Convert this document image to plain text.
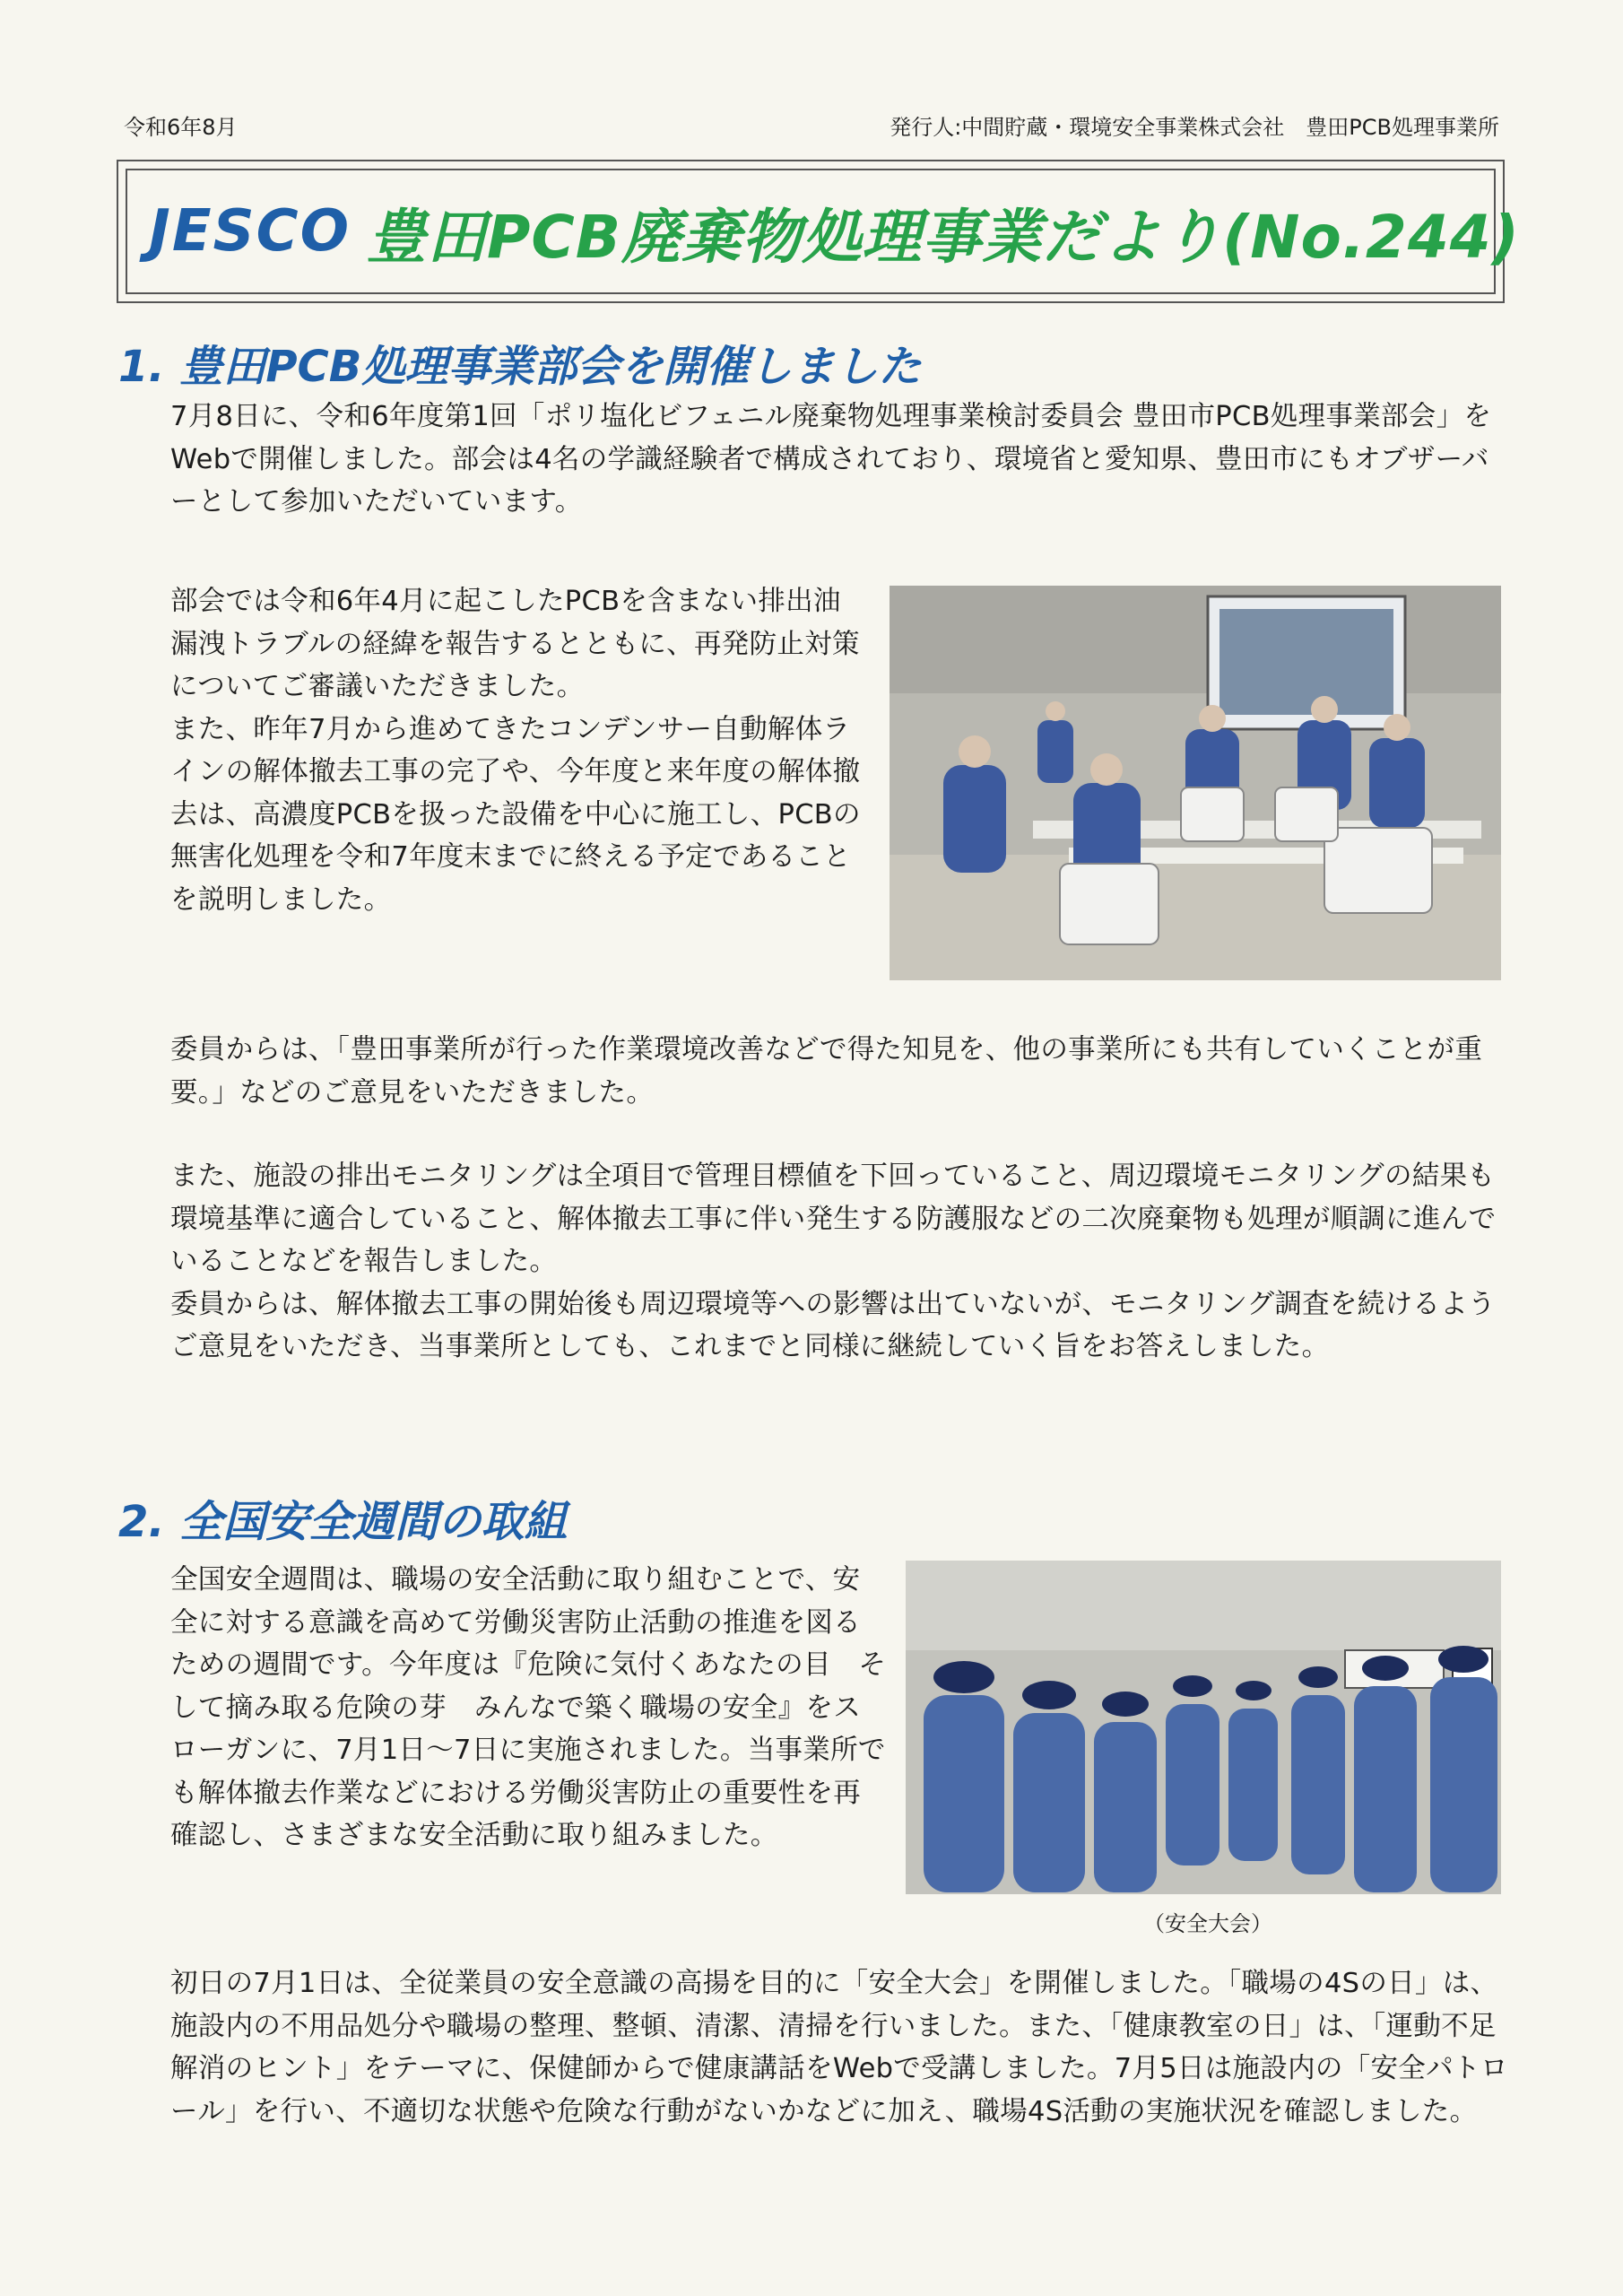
令和6年8月	発行人:中間貯蔵・環境安全事業株式会社　豊田PCB処理事業所
JESCO 豊田PCB廃棄物処理事業だより(No.244)
1. 豊田PCB処理事業部会を開催しました

7月8日に、令和6年度第1回「ポリ塩化ビフェニル廃棄物処理事業検討委員会 豊田市PCB処理事業部会」をWebで開催しました。部会は4名の学識経験者で構成されており、環境省と愛知県、豊田市にもオブザーバーとして参加いただいています。

部会では令和6年4月に起こしたPCBを含まない排出油漏洩トラブルの経緯を報告するとともに、再発防止対策についてご審議いただきました。
また、昨年7月から進めてきたコンデンサー自動解体ラインの解体撤去工事の完了や、今年度と来年度の解体撤去は、高濃度PCBを扱った設備を中心に施工し、PCBの無害化処理を令和7年度末までに終える予定であることを説明しました。

委員からは、「豊田事業所が行った作業環境改善などで得た知見を、他の事業所にも共有していくことが重要。」などのご意見をいただきました。

また、施設の排出モニタリングは全項目で管理目標値を下回っていること、周辺環境モニタリングの結果も環境基準に適合していること、解体撤去工事に伴い発生する防護服などの二次廃棄物も処理が順調に進んでいることなどを報告しました。
委員からは、解体撤去工事の開始後も周辺環境等への影響は出ていないが、モニタリング調査を続けるようご意見をいただき、当事業所としても、これまでと同様に継続していく旨をお答えしました。

2. 全国安全週間の取組

全国安全週間は、職場の安全活動に取り組むことで、安全に対する意識を高めて労働災害防止活動の推進を図るための週間です。今年度は『危険に気付くあなたの目　そして摘み取る危険の芽　みんなで築く職場の安全』をスローガンに、7月1日～7日に実施されました。当事業所でも解体撤去作業などにおける労働災害防止の重要性を再確認し、さまざまな安全活動に取り組みました。

（安全大会）

初日の7月1日は、全従業員の安全意識の高揚を目的に「安全大会」を開催しました。「職場の4Sの日」は、施設内の不用品処分や職場の整理、整頓、清潔、清掃を行いました。また、「健康教室の日」は、「運動不足解消のヒント」をテーマに、保健師からで健康講話をWebで受講しました。7月5日は施設内の「安全パトロール」を行い、不適切な状態や危険な行動がないかなどに加え、職場4S活動の実施状況を確認しました。
